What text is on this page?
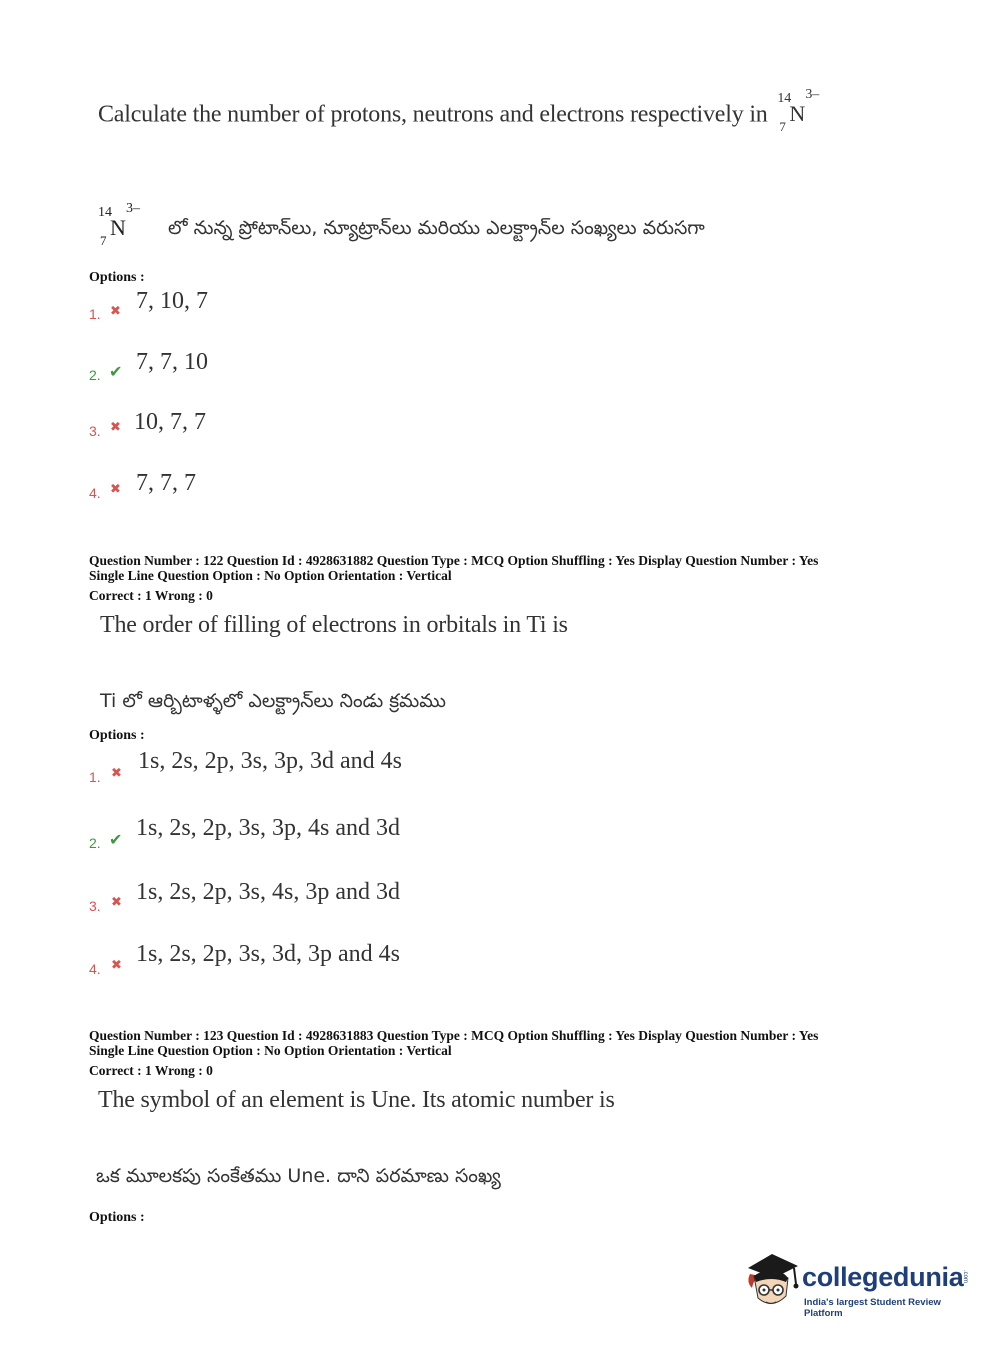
Calculate the number of protons, neutrons and electrons respectively in
14
7
N
3–
14
7
N
3–
లో నున్న ప్రోటాన్‌లు, న్యూట్రాన్‌లు మరియు ఎలక్ట్రాన్‌ల సంఖ్యలు వరుసగా
Options :
1. ✖ 7, 10, 7
2. ✔ 7, 7, 10
3. ✖ 10, 7, 7
4. ✖ 7, 7, 7
Question Number : 122 Question Id : 4928631882 Question Type : MCQ Option Shuffling : Yes Display Question Number : Yes
Single Line Question Option : No Option Orientation : Vertical
Correct : 1 Wrong : 0
The order of filling of electrons in orbitals in Ti is
Ti లో ఆర్బిటాళ్ళలో ఎలక్ట్రాన్‌లు నిండు క్రమము
Options :
1. ✖ 1s, 2s, 2p, 3s, 3p, 3d and 4s
2. ✔ 1s, 2s, 2p, 3s, 3p, 4s and 3d
3. ✖ 1s, 2s, 2p, 3s, 4s, 3p and 3d
4. ✖ 1s, 2s, 2p, 3s, 3d, 3p and 4s
Question Number : 123 Question Id : 4928631883 Question Type : MCQ Option Shuffling : Yes Display Question Number : Yes
Single Line Question Option : No Option Orientation : Vertical
Correct : 1 Wrong : 0
The symbol of an element is Une. Its atomic number is
ఒక మూలకపు సంకేతము Une. దాని పరమాణు సంఖ్య
Options :
collegedunia
.com
India's largest Student Review Platform
